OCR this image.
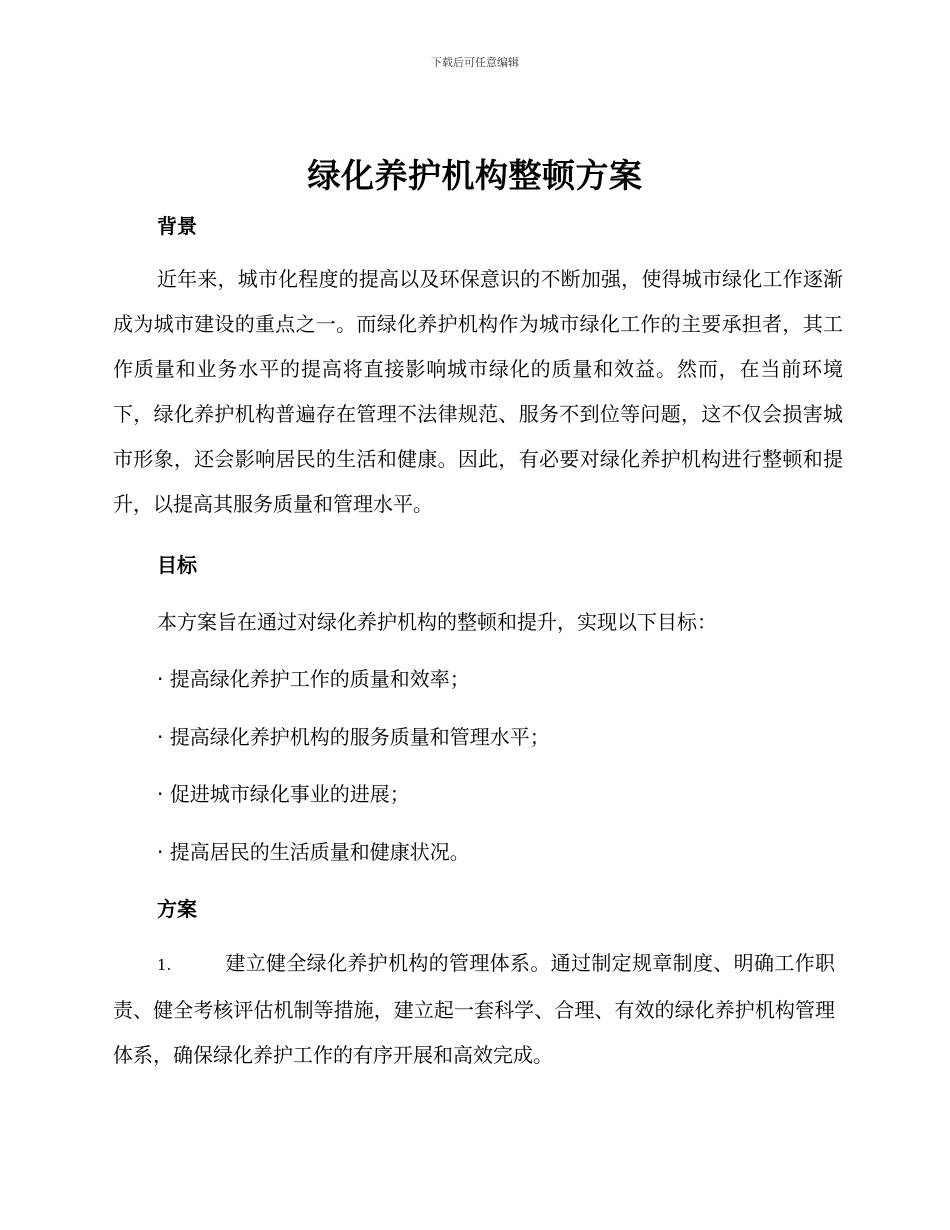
下载后可任意编辑
绿化养护机构整顿方案
背景
近年来，城市化程度的提高以及环保意识的不断加强，使得城市绿化工作逐渐成为城市建设的重点之一。而绿化养护机构作为城市绿化工作的主要承担者，其工作质量和业务水平的提高将直接影响城市绿化的质量和效益。然而，在当前环境下，绿化养护机构普遍存在管理不法律规范、服务不到位等问题，这不仅会损害城市形象，还会影响居民的生活和健康。因此，有必要对绿化养护机构进行整顿和提升，以提高其服务质量和管理水平。
目标
本方案旨在通过对绿化养护机构的整顿和提升，实现以下目标：
· 提高绿化养护工作的质量和效率；
· 提高绿化养护机构的服务质量和管理水平；
· 促进城市绿化事业的进展；
· 提高居民的生活质量和健康状况。
方案
1.	建立健全绿化养护机构的管理体系。通过制定规章制度、明确工作职责、健全考核评估机制等措施，建立起一套科学、合理、有效的绿化养护机构管理体系，确保绿化养护工作的有序开展和高效完成。
